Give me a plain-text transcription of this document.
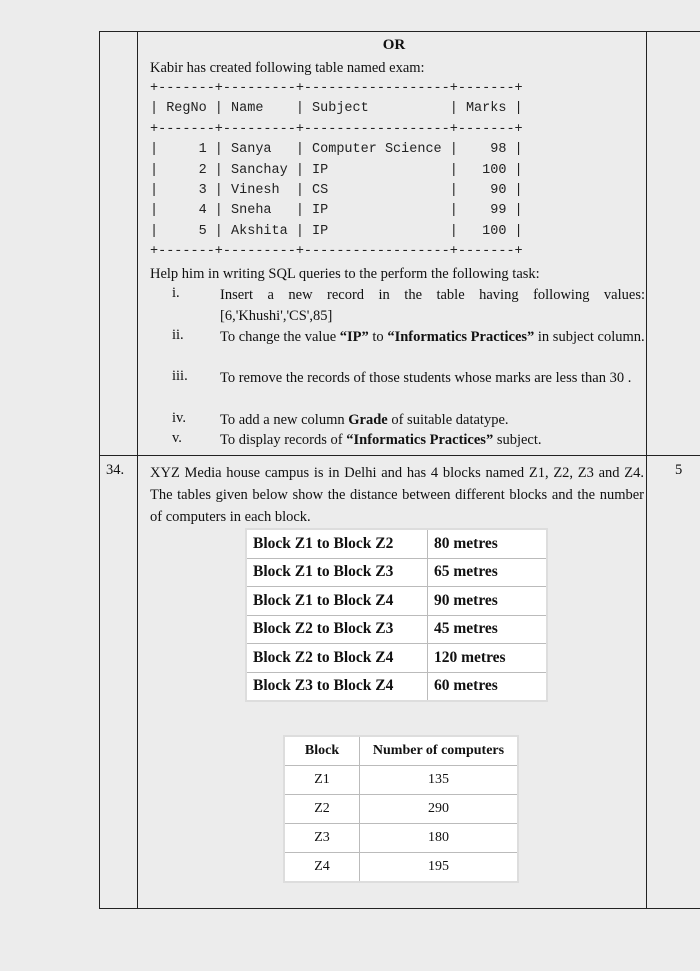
OR
Kabir has created following table named exam:
+-------+---------+------------------+-------+
| RegNo | Name    | Subject          | Marks |
+-------+---------+------------------+-------+
|     1 | Sanya   | Computer Science |    98 |
|     2 | Sanchay | IP               |   100 |
|     3 | Vinesh  | CS               |    90 |
|     4 | Sneha   | IP               |    99 |
|     5 | Akshita | IP               |   100 |
+-------+---------+------------------+-------+
Help him in writing SQL queries to the perform the following task:
i.	Insert a new record in the table having following values: [6,'Khushi','CS',85]
ii.	To change the value “IP” to “Informatics Practices” in subject column.
iii. To remove the records of those students whose marks are less than 30 .
iv. To add a new column Grade of suitable datatype.
v.	To display records of “Informatics Practices” subject.
34.	5
XYZ Media house campus is in Delhi and has 4 blocks named Z1, Z2, Z3 and Z4. The tables given below show the distance between different blocks and the number of computers in each block.
Block Z1 to Block Z2	80 metres
Block Z1 to Block Z3	65 metres
Block Z1 to Block Z4	90 metres
Block Z2 to Block Z3	45 metres
Block Z2 to Block Z4	120 metres
Block Z3 to Block Z4	60 metres
Block	Number of computers
Z1	135
Z2	290
Z3	180
Z4	195
